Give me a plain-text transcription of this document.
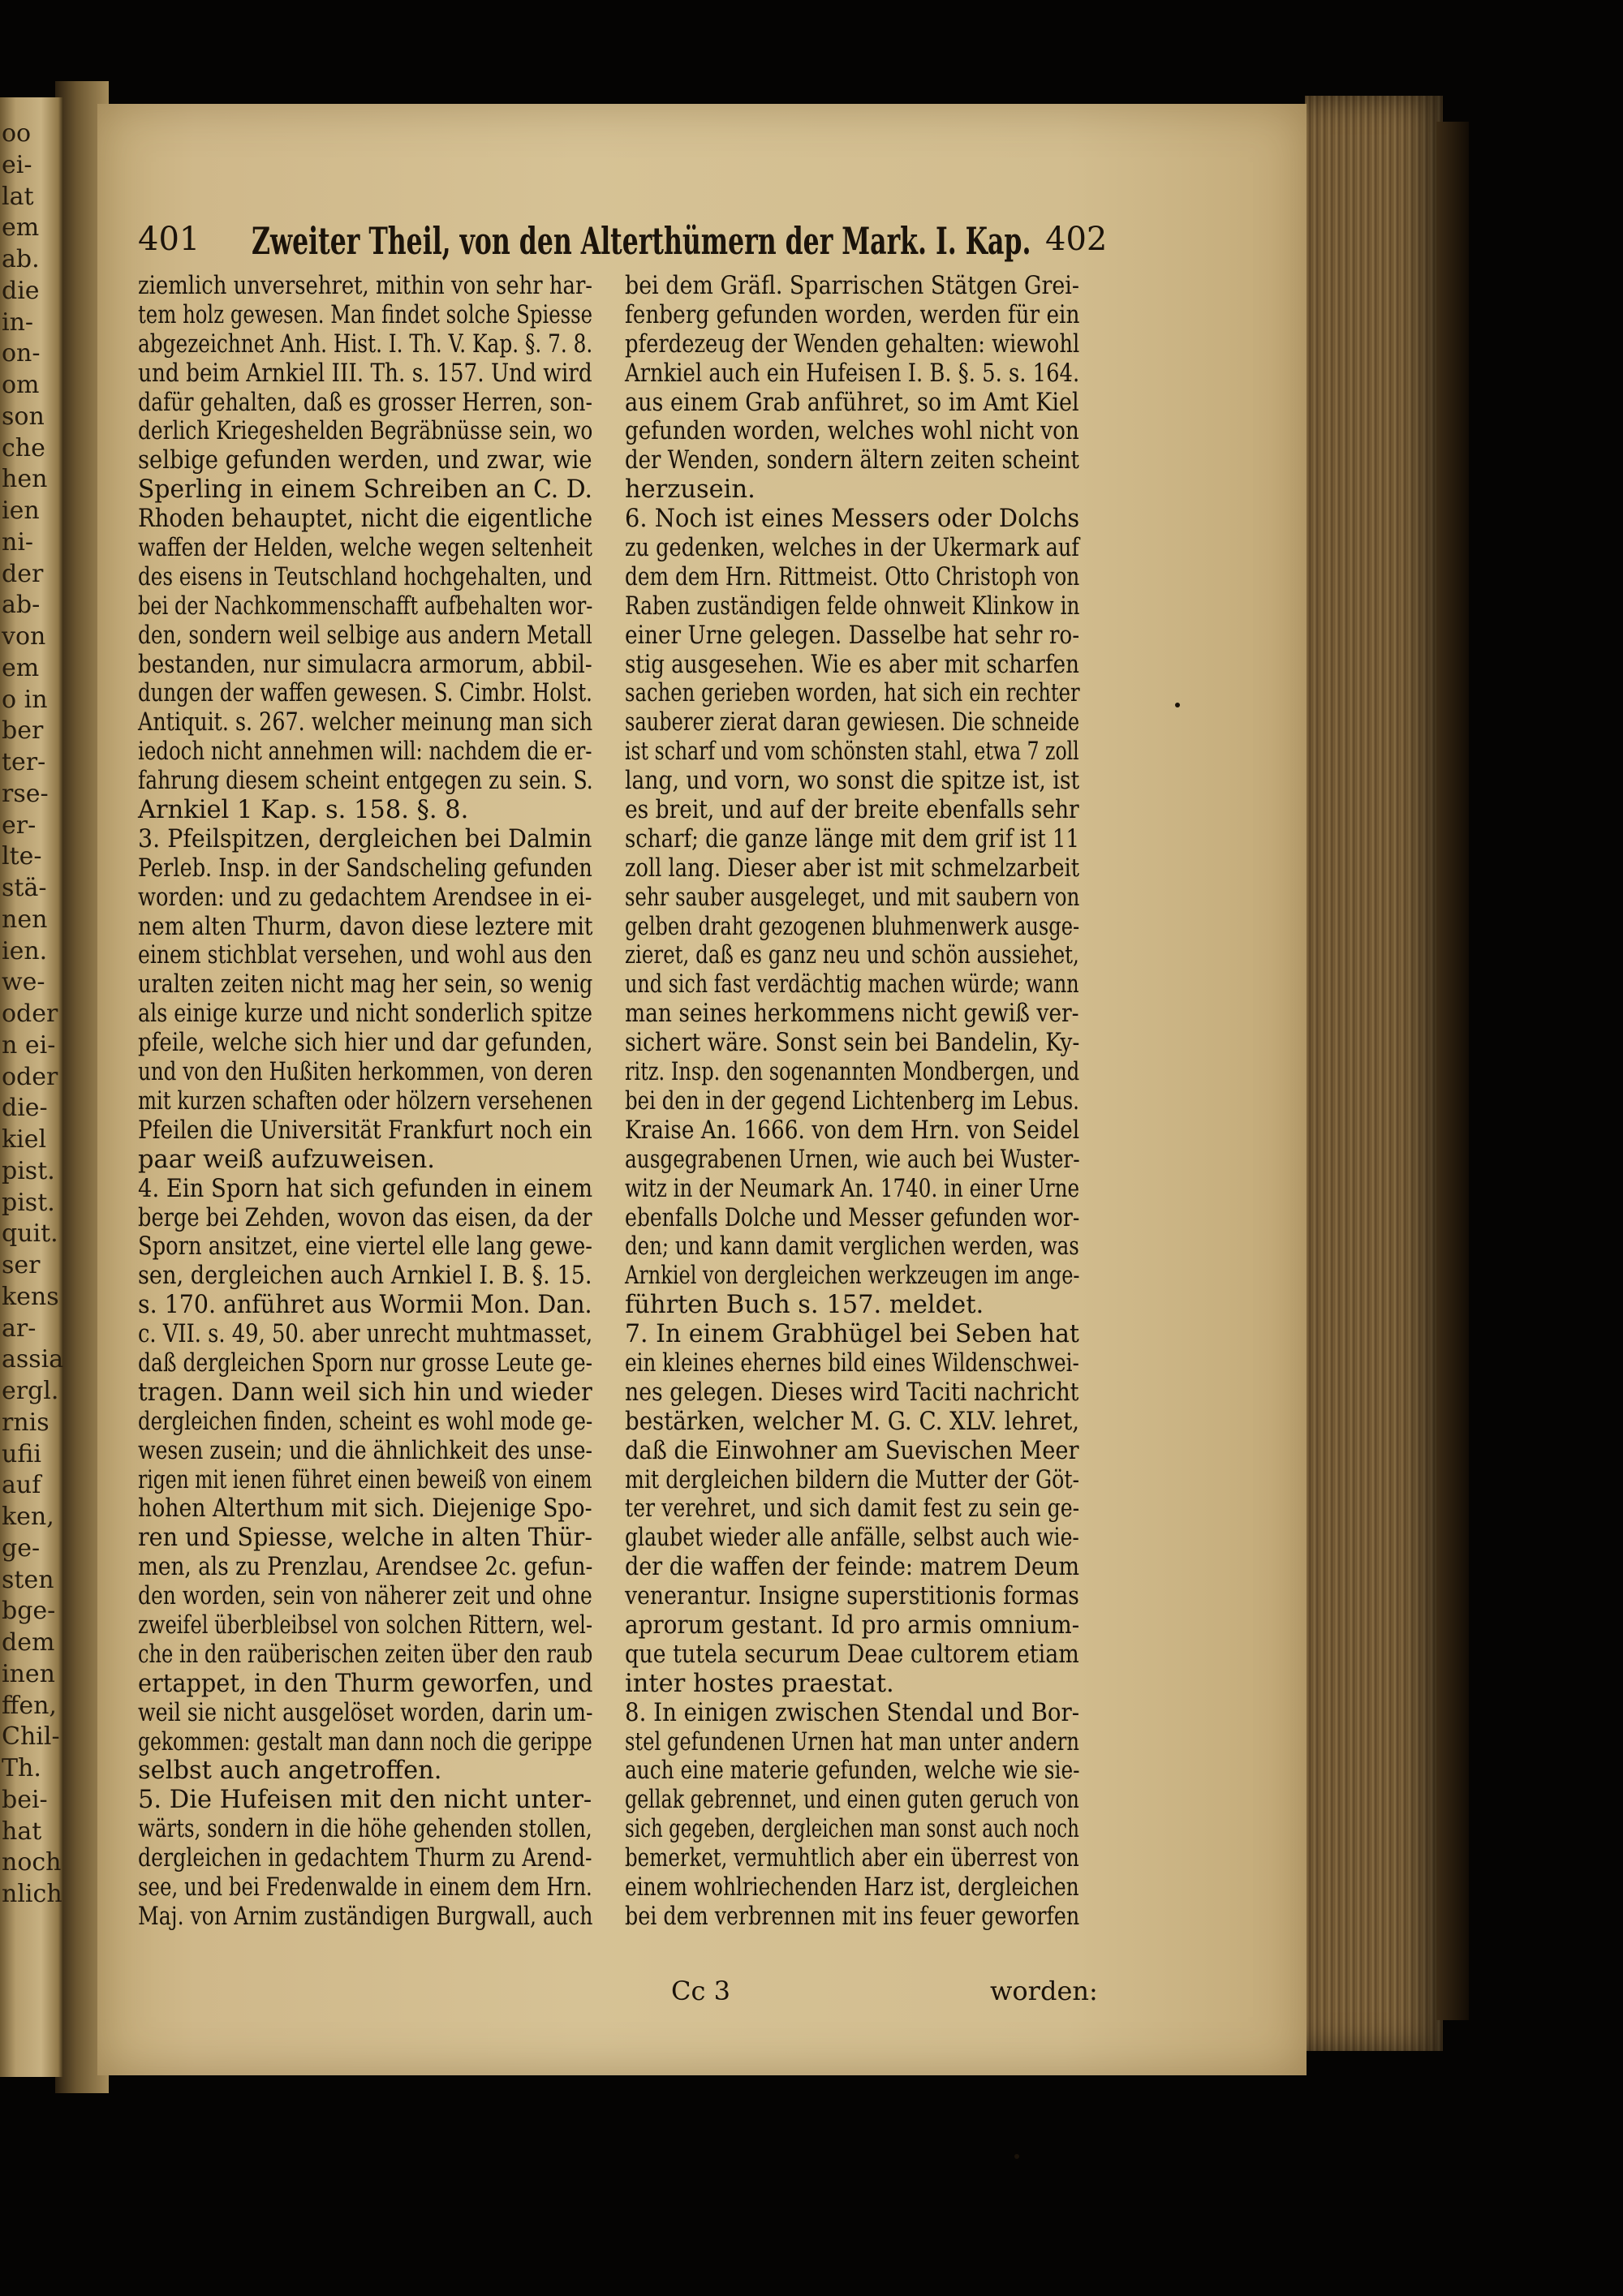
oo
ei-
lat
em
ab.
die
in-
on-
om
son
che
hen
ien
ni-
der
ab-
von
em
o in
ber
ter-
rse-
er-
lte-
stä-
nen
ien.
we-
oder
n ei-
oder
die-
kiel
pist.
pist.
quit.
ser
kens
ar-
assia
ergl.
rnis
ufii
auf
ken,
ge-
sten
bge-
dem
inen
ffen,
Chil-
Th.
bei-
hat
noch
nlich
401 Zweiter Theil, von den Alterthümern der Mark. I. Kap. 402
ziemlich unversehret, mithin von sehr har-
tem holz gewesen. Man findet solche Spiesse
abgezeichnet Anh. Hist. I. Th. V. Kap. §. 7. 8.
und beim Arnkiel III. Th. s. 157. Und wird
dafür gehalten, daß es grosser Herren, son-
derlich Kriegeshelden Begräbnüsse sein, wo
selbige gefunden werden, und zwar, wie
Sperling in einem Schreiben an C. D.
Rhoden behauptet, nicht die eigentliche
waffen der Helden, welche wegen seltenheit
des eisens in Teutschland hochgehalten, und
bei der Nachkommenschafft aufbehalten wor-
den, sondern weil selbige aus andern Metall
bestanden, nur simulacra armorum, abbil-
dungen der waffen gewesen. S. Cimbr. Holst.
Antiquit. s. 267. welcher meinung man sich
iedoch nicht annehmen will: nachdem die er-
fahrung diesem scheint entgegen zu sein. S.
Arnkiel 1 Kap. s. 158. §. 8.
3. Pfeilspitzen, dergleichen bei Dalmin
Perleb. Insp. in der Sandscheling gefunden
worden: und zu gedachtem Arendsee in ei-
nem alten Thurm, davon diese leztere mit
einem stichblat versehen, und wohl aus den
uralten zeiten nicht mag her sein, so wenig
als einige kurze und nicht sonderlich spitze
pfeile, welche sich hier und dar gefunden,
und von den Hußiten herkommen, von deren
mit kurzen schaften oder hölzern versehenen
Pfeilen die Universität Frankfurt noch ein
paar weiß aufzuweisen.
4. Ein Sporn hat sich gefunden in einem
berge bei Zehden, wovon das eisen, da der
Sporn ansitzet, eine viertel elle lang gewe-
sen, dergleichen auch Arnkiel I. B. §. 15.
s. 170. anführet aus Wormii Mon. Dan.
c. VII. s. 49, 50. aber unrecht muhtmasset,
daß dergleichen Sporn nur grosse Leute ge-
tragen. Dann weil sich hin und wieder
dergleichen finden, scheint es wohl mode ge-
wesen zusein; und die ähnlichkeit des unse-
rigen mit ienen führet einen beweiß von einem
hohen Alterthum mit sich. Diejenige Spo-
ren und Spiesse, welche in alten Thür-
men, als zu Prenzlau, Arendsee 2c. gefun-
den worden, sein von näherer zeit und ohne
zweifel überbleibsel von solchen Rittern, wel-
che in den raüberischen zeiten über den raub
ertappet, in den Thurm geworfen, und
weil sie nicht ausgelöset worden, darin um-
gekommen: gestalt man dann noch die gerippe
selbst auch angetroffen.
5. Die Hufeisen mit den nicht unter-
wärts, sondern in die höhe gehenden stollen,
dergleichen in gedachtem Thurm zu Arend-
see, und bei Fredenwalde in einem dem Hrn.
Maj. von Arnim zuständigen Burgwall, auch
bei dem Gräfl. Sparrischen Stätgen Grei-
fenberg gefunden worden, werden für ein
pferdezeug der Wenden gehalten: wiewohl
Arnkiel auch ein Hufeisen I. B. §. 5. s. 164.
aus einem Grab anführet, so im Amt Kiel
gefunden worden, welches wohl nicht von
der Wenden, sondern ältern zeiten scheint
herzusein.
6. Noch ist eines Messers oder Dolchs
zu gedenken, welches in der Ukermark auf
dem dem Hrn. Rittmeist. Otto Christoph von
Raben zuständigen felde ohnweit Klinkow in
einer Urne gelegen. Dasselbe hat sehr ro-
stig ausgesehen. Wie es aber mit scharfen
sachen gerieben worden, hat sich ein rechter
sauberer zierat daran gewiesen. Die schneide
ist scharf und vom schönsten stahl, etwa 7 zoll
lang, und vorn, wo sonst die spitze ist, ist
es breit, und auf der breite ebenfalls sehr
scharf; die ganze länge mit dem grif ist 11
zoll lang. Dieser aber ist mit schmelzarbeit
sehr sauber ausgeleget, und mit saubern von
gelben draht gezogenen bluhmenwerk ausge-
zieret, daß es ganz neu und schön aussiehet,
und sich fast verdächtig machen würde; wann
man seines herkommens nicht gewiß ver-
sichert wäre. Sonst sein bei Bandelin, Ky-
ritz. Insp. den sogenannten Mondbergen, und
bei den in der gegend Lichtenberg im Lebus.
Kraise An. 1666. von dem Hrn. von Seidel
ausgegrabenen Urnen, wie auch bei Wuster-
witz in der Neumark An. 1740. in einer Urne
ebenfalls Dolche und Messer gefunden wor-
den; und kann damit verglichen werden, was
Arnkiel von dergleichen werkzeugen im ange-
führten Buch s. 157. meldet.
7. In einem Grabhügel bei Seben hat
ein kleines ehernes bild eines Wildenschwei-
nes gelegen. Dieses wird Taciti nachricht
bestärken, welcher M. G. C. XLV. lehret,
daß die Einwohner am Suevischen Meer
mit dergleichen bildern die Mutter der Göt-
ter verehret, und sich damit fest zu sein ge-
glaubet wieder alle anfälle, selbst auch wie-
der die waffen der feinde: matrem Deum
venerantur. Insigne superstitionis formas
aprorum gestant. Id pro armis omnium-
que tutela securum Deae cultorem etiam
inter hostes praestat.
8. In einigen zwischen Stendal und Bor-
stel gefundenen Urnen hat man unter andern
auch eine materie gefunden, welche wie sie-
gellak gebrennet, und einen guten geruch von
sich gegeben, dergleichen man sonst auch noch
bemerket, vermuhtlich aber ein überrest von
einem wohlriechenden Harz ist, dergleichen
bei dem verbrennen mit ins feuer geworfen
Cc 3	worden:
